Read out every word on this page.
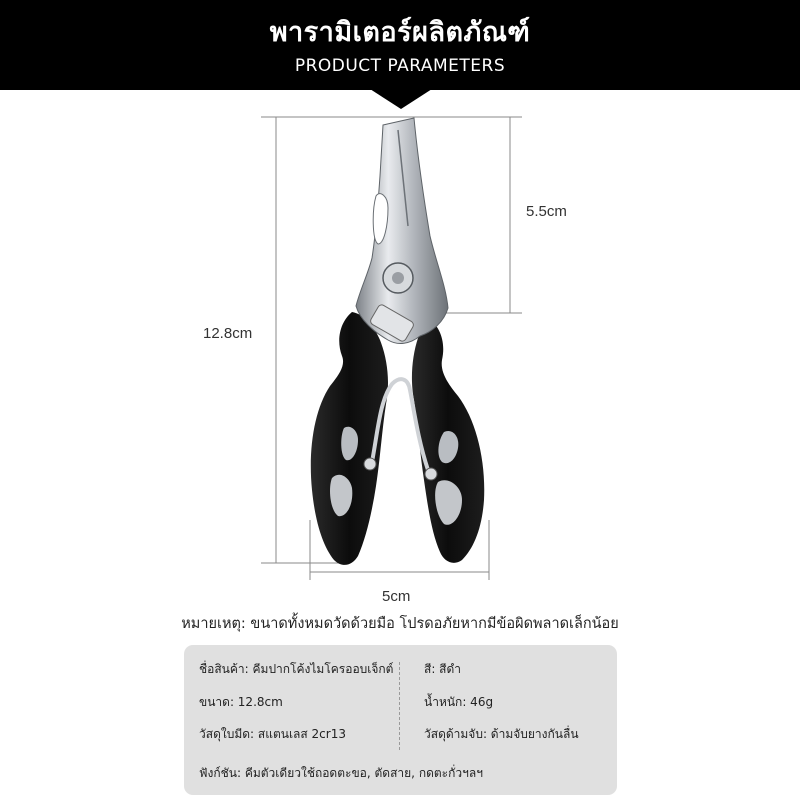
พารามิเตอร์ผลิตภัณฑ์
PRODUCT PARAMETERS
12.8cm
5.5cm
5cm
หมายเหตุ: ขนาดทั้งหมดวัดด้วยมือ โปรดอภัยหากมีข้อผิดพลาดเล็กน้อย
ชื่อสินค้า: คีมปากโค้งไมโครออบเจ็กต์	สี: สีดำ
ขนาด: 12.8cm	น้ำหนัก: 46g
วัสดุใบมีด: สแตนเลส 2cr13	วัสดุด้ามจับ: ด้ามจับยางกันลื่น
ฟังก์ชัน: คีมตัวเดียวใช้ถอดตะขอ, ตัดสาย, กดตะกั่วฯลฯ
